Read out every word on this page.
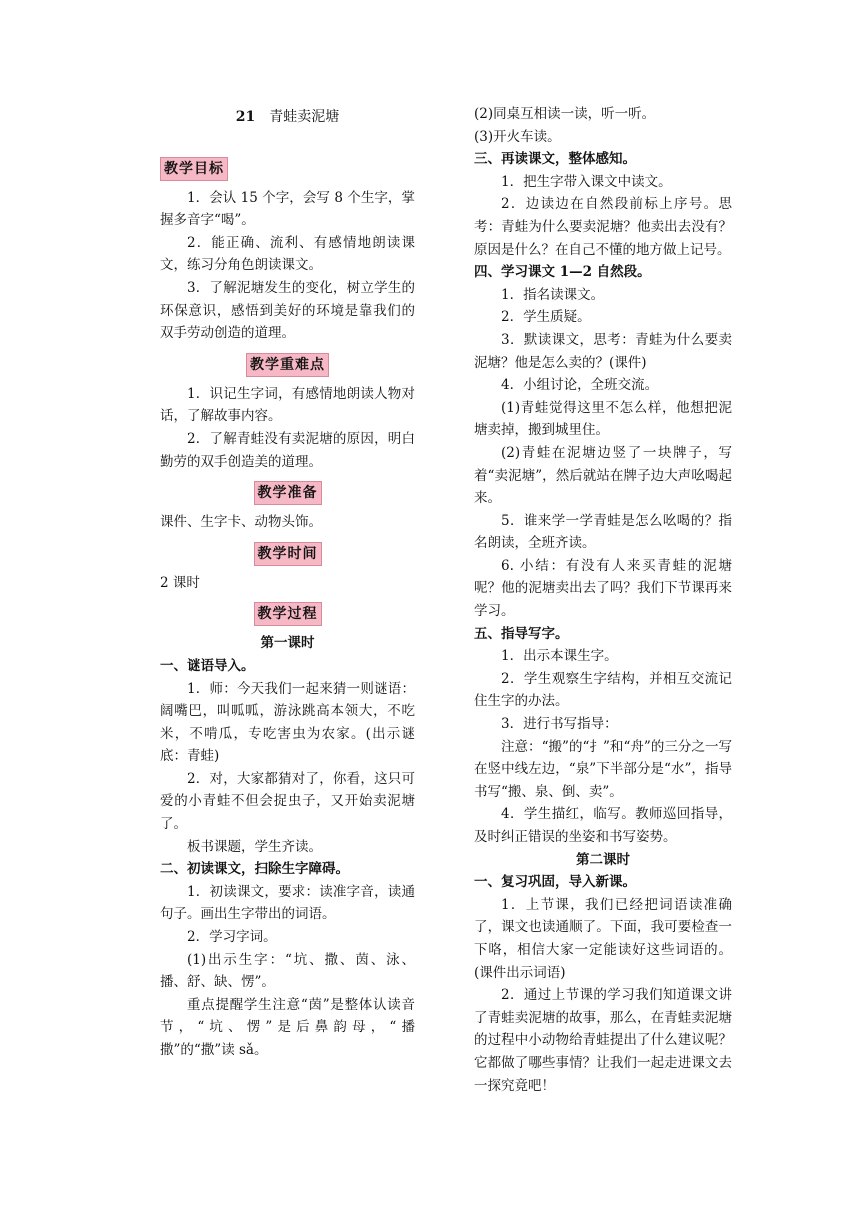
21 青蛙卖泥塘

教学目标

1．会认 15 个字，会写 8 个生字，掌握多音字“喝”。

2．能正确、流利、有感情地朗读课文，练习分角色朗读课文。

3．了解泥塘发生的变化，树立学生的环保意识，感悟到美好的环境是靠我们的双手劳动创造的道理。

教学重难点

1．识记生字词，有感情地朗读人物对话，了解故事内容。

2．了解青蛙没有卖泥塘的原因，明白勤劳的双手创造美的道理。

教学准备

课件、生字卡、动物头饰。

教学时间

2 课时

教学过程

第一课时

一、谜语导入。

1．师：今天我们一起来猜一则谜语：阔嘴巴，叫呱呱，游泳跳高本领大，不吃米，不啃瓜，专吃害虫为农家。(出示谜底：青蛙)

2．对，大家都猜对了，你看，这只可爱的小青蛙不但会捉虫子，又开始卖泥塘了。

板书课题，学生齐读。

二、初读课文，扫除生字障碍。

1．初读课文，要求：读准字音，读通句子。画出生字带出的词语。

2．学习字词。

(1)出示生字：“坑、撒、茵、泳、播、舒、缺、愣”。

重点提醒学生注意“茵”是整体认读音节，“坑、愣”是后鼻韵母，“播撒”的“撒”读 sǎ。

(2)同桌互相读一读，听一听。

(3)开火车读。

三、再读课文，整体感知。

1．把生字带入课文中读文。

2．边读边在自然段前标上序号。思考：青蛙为什么要卖泥塘？他卖出去没有？原因是什么？在自己不懂的地方做上记号。

四、学习课文 1—2 自然段。

1．指名读课文。

2．学生质疑。

3．默读课文，思考：青蛙为什么要卖泥塘？他是怎么卖的？(课件)

4．小组讨论，全班交流。

(1)青蛙觉得这里不怎么样，他想把泥塘卖掉，搬到城里住。

(2)青蛙在泥塘边竖了一块牌子，写着“卖泥塘”，然后就站在牌子边大声吆喝起来。

5．谁来学一学青蛙是怎么吆喝的？指名朗读，全班齐读。

6. 小结：有没有人来买青蛙的泥塘呢？他的泥塘卖出去了吗？我们下节课再来学习。

五、指导写字。

1．出示本课生字。

2．学生观察生字结构，并相互交流记住生字的办法。

3．进行书写指导：

注意：“搬”的“扌”和“舟”的三分之一写在竖中线左边，“泉”下半部分是“水”，指导书写“搬、泉、倒、卖”。

4．学生描红，临写。教师巡回指导，及时纠正错误的坐姿和书写姿势。

第二课时

一、复习巩固，导入新课。

1．上节课，我们已经把词语读准确了，课文也读通顺了。下面，我可要检查一下咯，相信大家一定能读好这些词语的。(课件出示词语)

2．通过上节课的学习我们知道课文讲了青蛙卖泥塘的故事，那么，在青蛙卖泥塘的过程中小动物给青蛙提出了什么建议呢？它都做了哪些事情？让我们一起走进课文去一探究竟吧！
